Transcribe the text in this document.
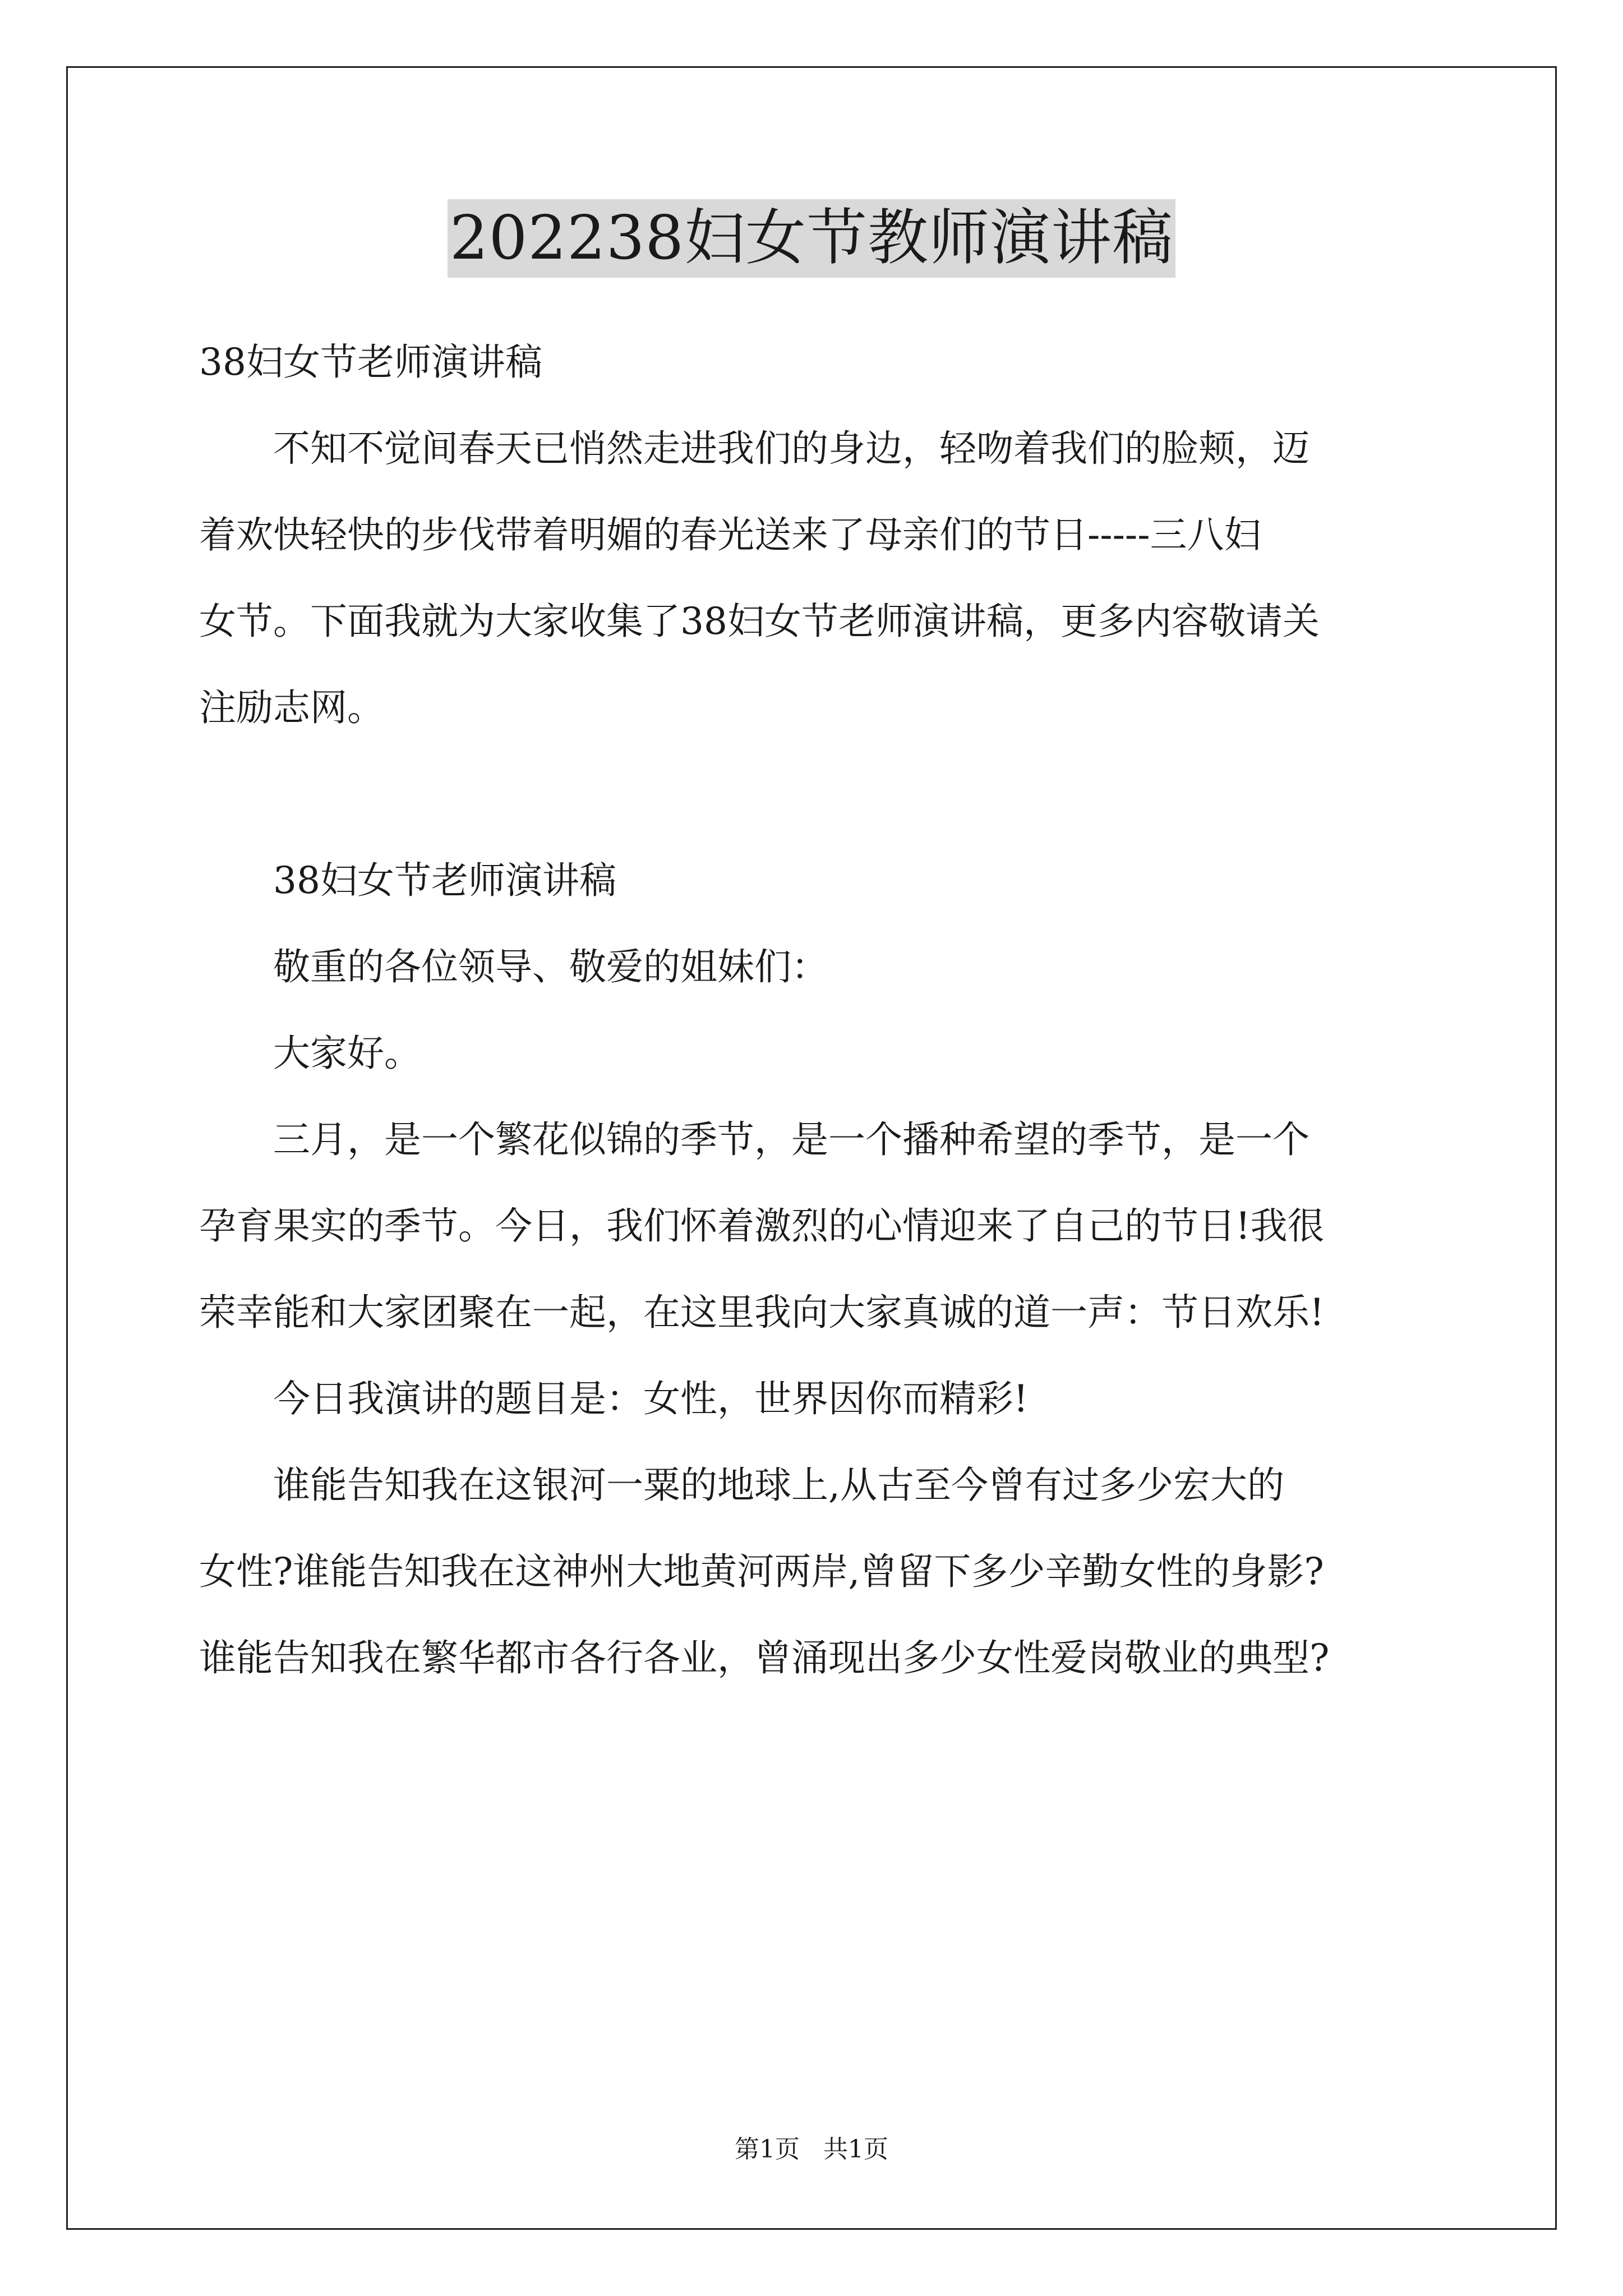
202238妇女节教师演讲稿
38妇女节老师演讲稿
　　不知不觉间春天已悄然走进我们的身边，轻吻着我们的脸颊，迈
着欢快轻快的步伐带着明媚的春光送来了母亲们的节日-----三八妇
女节。下面我就为大家收集了38妇女节老师演讲稿，更多内容敬请关
注励志网。
　　38妇女节老师演讲稿
　　敬重的各位领导、敬爱的姐妹们：
　　大家好。
　　三月，是一个繁花似锦的季节，是一个播种希望的季节，是一个
孕育果实的季节。今日，我们怀着激烈的心情迎来了自己的节日!我很
荣幸能和大家团聚在一起，在这里我向大家真诚的道一声：节日欢乐!
　　今日我演讲的题目是：女性，世界因你而精彩!
　　谁能告知我在这银河一粟的地球上,从古至今曾有过多少宏大的
女性?谁能告知我在这神州大地黄河两岸,曾留下多少辛勤女性的身影?
谁能告知我在繁华都市各行各业，曾涌现出多少女性爱岗敬业的典型?
第1页 共1页
